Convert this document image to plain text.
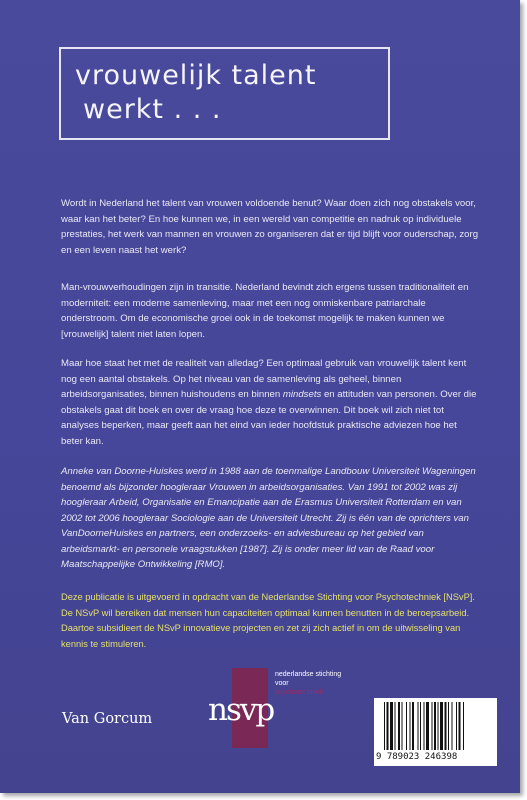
vrouwelijk talent
werkt . . .

Wordt in Nederland het talent van vrouwen voldoende benut? Waar doen zich nog obstakels voor, waar kan het beter? En hoe kunnen we, in een wereld van competitie en nadruk op individuele prestaties, het werk van mannen en vrouwen zo organiseren dat er tijd blijft voor ouderschap, zorg en een leven naast het werk?

Man-vrouwverhoudingen zijn in transitie. Nederland bevindt zich ergens tussen traditionaliteit en moderniteit: een moderne samenleving, maar met een nog onmiskenbare patriarchale onderstroom. Om de economische groei ook in de toekomst mogelijk te maken kunnen we [vrouwelijk] talent niet laten lopen.

Maar hoe staat het met de realiteit van alledag? Een optimaal gebruik van vrouwelijk talent kent nog een aantal obstakels. Op het niveau van de samenleving als geheel, binnen arbeidsorganisaties, binnen huishoudens en binnen mindsets en attituden van personen. Over die obstakels gaat dit boek en over de vraag hoe deze te overwinnen. Dit boek wil zich niet tot analyses beperken, maar geeft aan het eind van ieder hoofdstuk praktische adviezen hoe het beter kan.

Anneke van Doorne-Huiskes werd in 1988 aan de toenmalige Landbouw Universiteit Wageningen benoemd als bijzonder hoogleraar Vrouwen in arbeidsorganisaties. Van 1991 tot 2002 was zij hoogleraar Arbeid, Organisatie en Emancipatie aan de Erasmus Universiteit Rotterdam en van 2002 tot 2006 hoogleraar Sociologie aan de Universiteit Utrecht. Zij is één van de oprichters van VanDoorneHuiskes en partners, een onderzoeks- en adviesbureau op het gebied van arbeidsmarkt- en personele vraagstukken [1987]. Zij is onder meer lid van de Raad voor Maatschappelijke Ontwikkeling [RMO].

Deze publicatie is uitgevoerd in opdracht van de Nederlandse Stichting voor Psychotechniek [NSvP]. De NSvP wil bereiken dat mensen hun capaciteiten optimaal kunnen benutten in de beroepsarbeid. Daartoe subsidieert de NSvP innovatieve projecten en zet zij zich actief in om de uitwisseling van kennis te stimuleren.

Van Gorcum nsvp
nederlandse stichting
voor
psychotechniek
9 789023 246398
